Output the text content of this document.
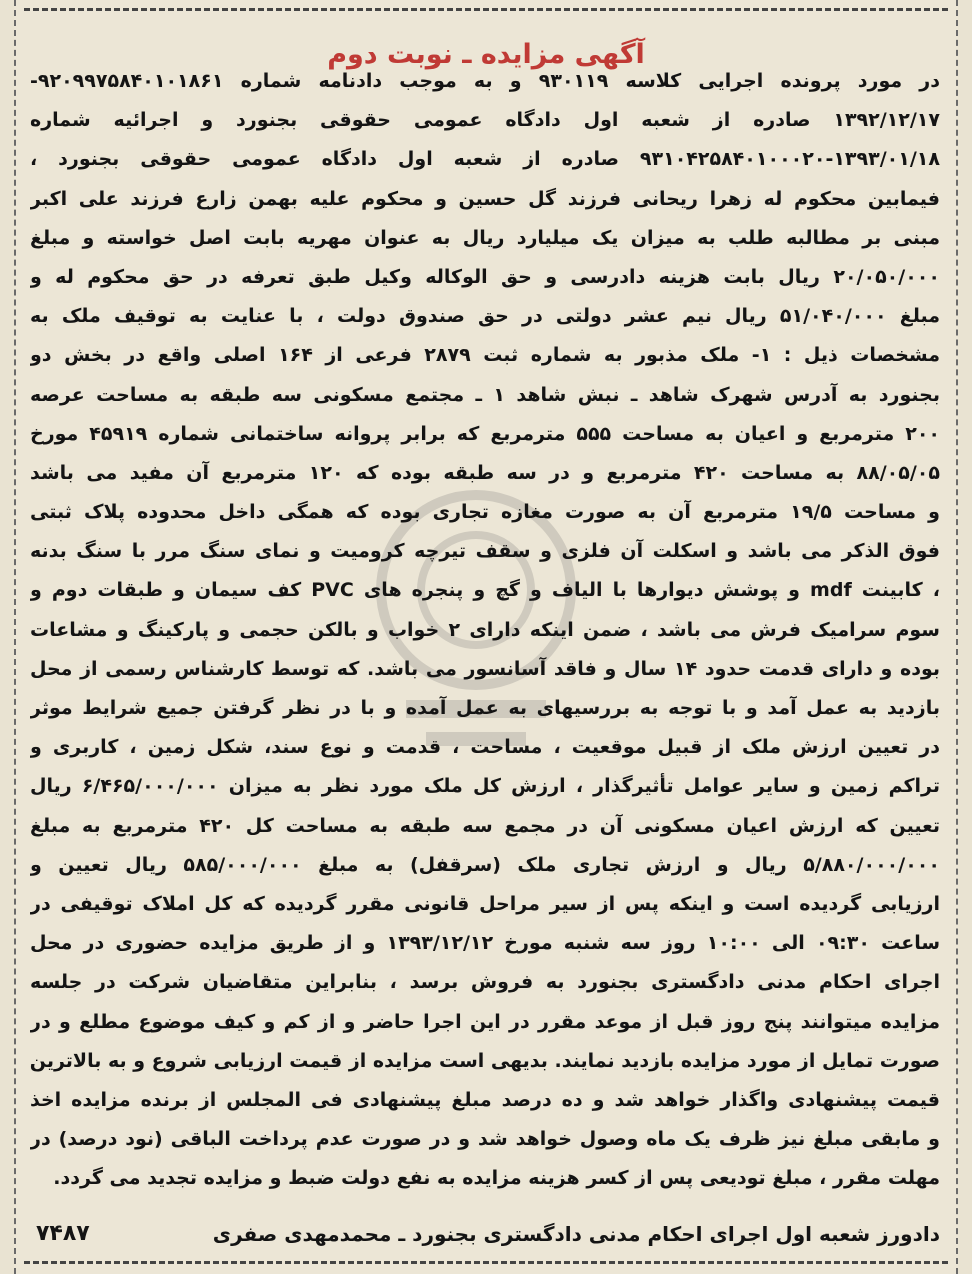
آگهی مزایده ـ نوبت دوم
در مورد پرونده اجرایی کلاسه ۹۳۰۱۱۹ و به موجب دادنامه شماره ۹۲۰۹۹۷۵۸۴۰۱۰۱۸۶۱-
۱۳۹۲/۱۲/۱۷ صادره از شعبه اول دادگاه عمومی حقوقی بجنورد و اجرائیه شماره
۹۳۱۰۴۲۵۸۴۰۱۰۰۰۲۰-۱۳۹۳/۰۱/۱۸ صادره از شعبه اول دادگاه عمومی حقوقی بجنورد ،
فیمابین محکوم له زهرا ریحانی فرزند گل حسین و محکوم علیه بهمن زارع فرزند علی اکبر
مبنی بر مطالبه طلب به میزان یک میلیارد ریال به عنوان مهریه بابت اصل خواسته و مبلغ
۲۰/۰۵۰/۰۰۰ ریال بابت هزینه دادرسی و حق الوکاله وکیل طبق تعرفه در حق محکوم له و
مبلغ ۵۱/۰۴۰/۰۰۰ ریال نیم عشر دولتی در حق صندوق دولت ، با عنایت به توقیف ملک به
مشخصات ذیل : ۱- ملک مذبور به شماره ثبت ۲۸۷۹ فرعی از ۱۶۴ اصلی واقع در بخش دو
بجنورد به آدرس شهرک شاهد ـ نبش شاهد ۱ ـ مجتمع مسکونی سه طبقه به مساحت عرصه
۲۰۰ مترمربع و اعیان به مساحت ۵۵۵ مترمربع که برابر پروانه ساختمانی شماره ۴۵۹۱۹ مورخ
۸۸/۰۵/۰۵ به مساحت ۴۲۰ مترمربع و در سه طبقه بوده که ۱۲۰ مترمربع آن مفید می باشد
و مساحت ۱۹/۵ مترمربع آن به صورت مغازه تجاری بوده که همگی داخل محدوده پلاک ثبتی
فوق الذکر می باشد و اسکلت آن فلزی و سقف تیرچه کرومیت و نمای سنگ مرر با سنگ بدنه
، کابینت mdf و پوشش دیوارها با الیاف و گچ و پنجره های PVC کف سیمان و طبقات دوم و
سوم سرامیک فرش می باشد ، ضمن اینکه دارای ۲ خواب و بالکن حجمی و پارکینگ و مشاعات
بوده و دارای قدمت حدود ۱۴ سال و فاقد آسانسور می باشد. که توسط کارشناس رسمی از محل
بازدید به عمل آمد و با توجه به بررسیهای به عمل آمده و با در نظر گرفتن جمیع شرایط موثر
در تعیین ارزش ملک از قبیل موقعیت ، مساحت ، قدمت و نوع سند، شکل زمین ، کاربری و
تراکم زمین و سایر عوامل تأثیرگذار ، ارزش کل ملک مورد نظر به میزان ۶/۴۶۵/۰۰۰/۰۰۰ ریال
تعیین که ارزش اعیان مسکونی آن در مجمع سه طبقه به مساحت کل ۴۲۰ مترمربع به مبلغ
۵/۸۸۰/۰۰۰/۰۰۰ ریال و ارزش تجاری ملک (سرقفل) به مبلغ ۵۸۵/۰۰۰/۰۰۰ ریال تعیین و
ارزیابی گردیده است و اینکه پس از سیر مراحل قانونی مقرر گردیده که کل املاک توقیفی در
ساعت ۰۹:۳۰ الی ۱۰:۰۰ روز سه شنبه مورخ ۱۳۹۳/۱۲/۱۲ و از طریق مزایده حضوری در محل
اجرای احکام مدنی دادگستری بجنورد به فروش برسد ، بنابراین متقاضیان شرکت در جلسه
مزایده میتوانند پنج روز قبل از موعد مقرر در این اجرا حاضر و از کم و کیف موضوع مطلع و در
صورت تمایل از مورد مزایده بازدید نمایند. بدیهی است مزایده از قیمت ارزیابی شروع و به بالاترین
قیمت پیشنهادی واگذار خواهد شد و ده درصد مبلغ پیشنهادی فی المجلس از برنده مزایده اخذ
و مابقی مبلغ نیز ظرف یک ماه وصول خواهد شد و در صورت عدم پرداخت الباقی (نود درصد) در
مهلت مقرر ، مبلغ تودیعی پس از کسر هزینه مزایده به نفع دولت ضبط و مزایده تجدید می گردد.
دادورز شعبه اول اجرای احکام مدنی دادگستری بجنورد ـ محمدمهدی صفری
۷۴۸۷
